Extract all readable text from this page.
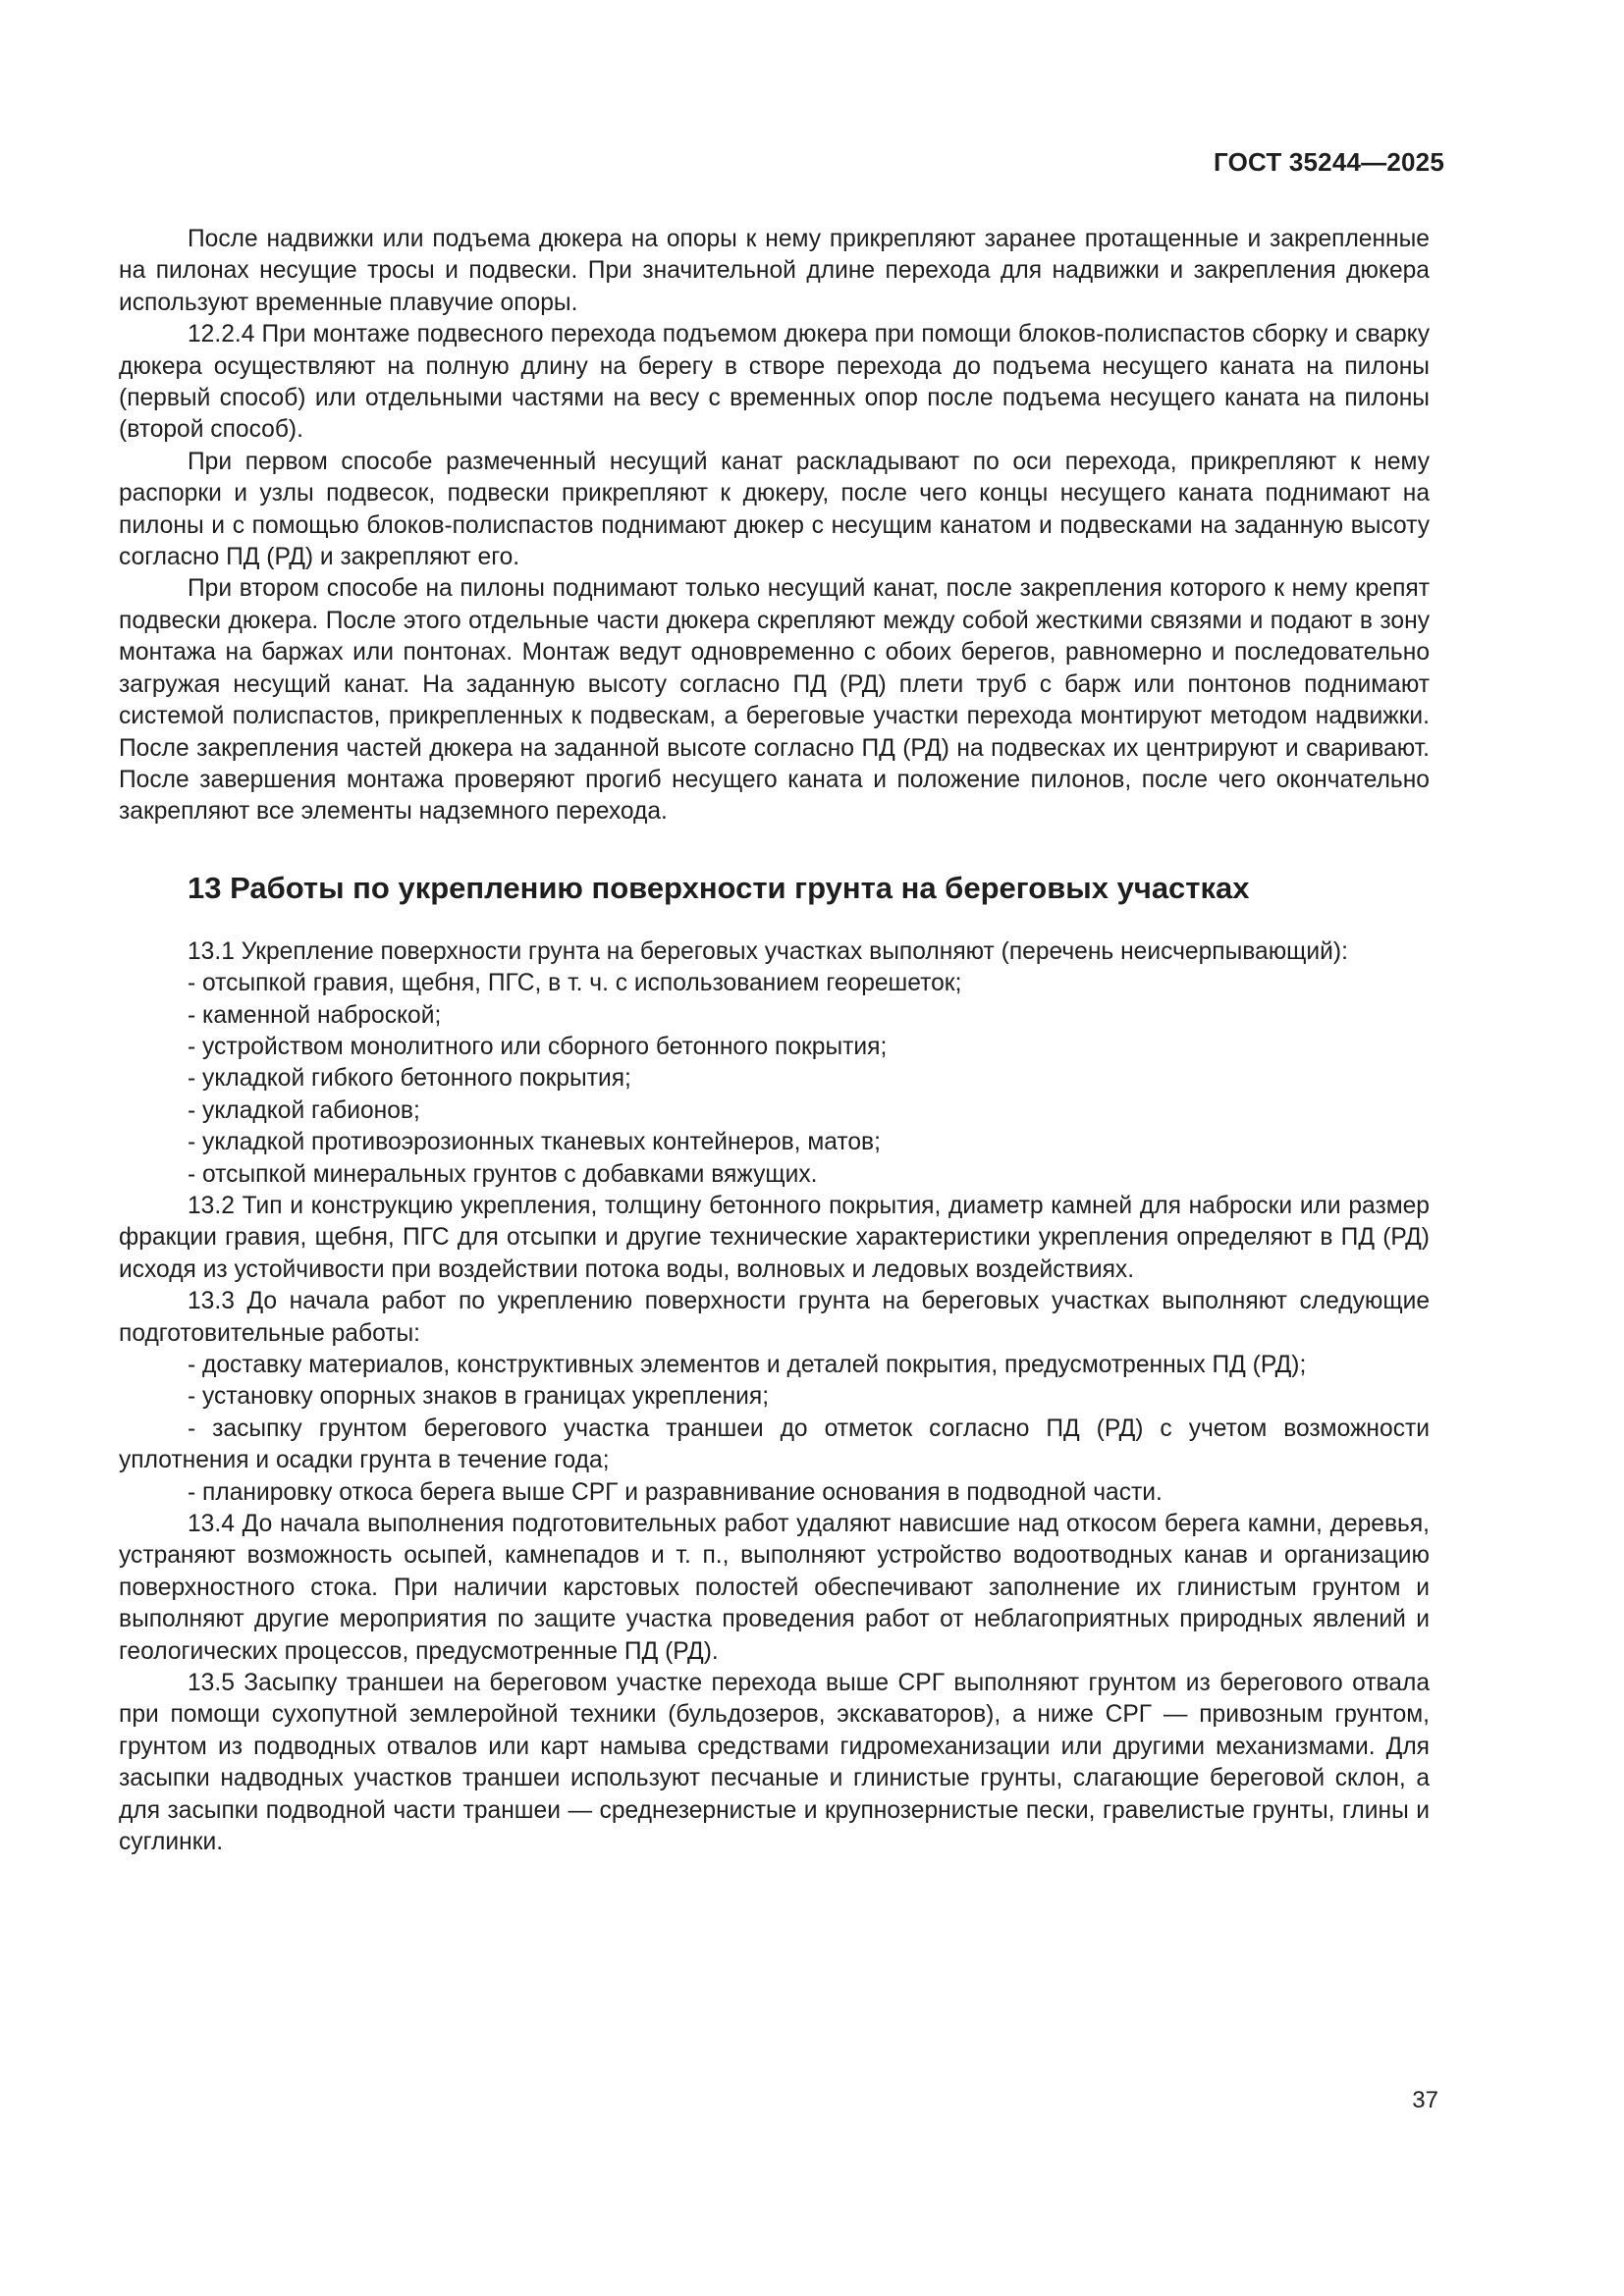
ГОСТ 35244—2025

После надвижки или подъема дюкера на опоры к нему прикрепляют заранее протащенные и закрепленные на пилонах несущие тросы и подвески. При значительной длине перехода для надвижки и закрепления дюкера используют временные плавучие опоры.

12.2.4 При монтаже подвесного перехода подъемом дюкера при помощи блоков-полиспастов сборку и сварку дюкера осуществляют на полную длину на берегу в створе перехода до подъема несущего каната на пилоны (первый способ) или отдельными частями на весу с временных опор после подъема несущего каната на пилоны (второй способ).

При первом способе размеченный несущий канат раскладывают по оси перехода, прикрепляют к нему распорки и узлы подвесок, подвески прикрепляют к дюкеру, после чего концы несущего каната поднимают на пилоны и с помощью блоков-полиспастов поднимают дюкер с несущим канатом и подвесками на заданную высоту согласно ПД (РД) и закрепляют его.

При втором способе на пилоны поднимают только несущий канат, после закрепления которого к нему крепят подвески дюкера. После этого отдельные части дюкера скрепляют между собой жесткими связями и подают в зону монтажа на баржах или понтонах. Монтаж ведут одновременно с обоих берегов, равномерно и последовательно загружая несущий канат. На заданную высоту согласно ПД (РД) плети труб с барж или понтонов поднимают системой полиспастов, прикрепленных к подвескам, а береговые участки перехода монтируют методом надвижки. После закрепления частей дюкера на заданной высоте согласно ПД (РД) на подвесках их центрируют и сваривают. После завершения монтажа проверяют прогиб несущего каната и положение пилонов, после чего окончательно закрепляют все элементы надземного перехода.

13 Работы по укреплению поверхности грунта на береговых участках

13.1 Укрепление поверхности грунта на береговых участках выполняют (перечень неисчерпывающий):

- отсыпкой гравия, щебня, ПГС, в т. ч. с использованием георешеток;

- каменной наброской;

- устройством монолитного или сборного бетонного покрытия;

- укладкой гибкого бетонного покрытия;

- укладкой габионов;

- укладкой противоэрозионных тканевых контейнеров, матов;

- отсыпкой минеральных грунтов с добавками вяжущих.

13.2 Тип и конструкцию укрепления, толщину бетонного покрытия, диаметр камней для наброски или размер фракции гравия, щебня, ПГС для отсыпки и другие технические характеристики укрепления определяют в ПД (РД) исходя из устойчивости при воздействии потока воды, волновых и ледовых воздействиях.

13.3 До начала работ по укреплению поверхности грунта на береговых участках выполняют следующие подготовительные работы:

- доставку материалов, конструктивных элементов и деталей покрытия, предусмотренных ПД (РД);

- установку опорных знаков в границах укрепления;

- засыпку грунтом берегового участка траншеи до отметок согласно ПД (РД) с учетом возможности уплотнения и осадки грунта в течение года;

- планировку откоса берега выше СРГ и разравнивание основания в подводной части.

13.4 До начала выполнения подготовительных работ удаляют нависшие над откосом берега камни, деревья, устраняют возможность осыпей, камнепадов и т. п., выполняют устройство водоотводных канав и организацию поверхностного стока. При наличии карстовых полостей обеспечивают заполнение их глинистым грунтом и выполняют другие мероприятия по защите участка проведения работ от неблагоприятных природных явлений и геологических процессов, предусмотренные ПД (РД).

13.5 Засыпку траншеи на береговом участке перехода выше СРГ выполняют грунтом из берегового отвала при помощи сухопутной землеройной техники (бульдозеров, экскаваторов), а ниже СРГ — привозным грунтом, грунтом из подводных отвалов или карт намыва средствами гидромеханизации или другими механизмами. Для засыпки надводных участков траншеи используют песчаные и глинистые грунты, слагающие береговой склон, а для засыпки подводной части траншеи — среднезернистые и крупнозернистые пески, гравелистые грунты, глины и суглинки.

37
